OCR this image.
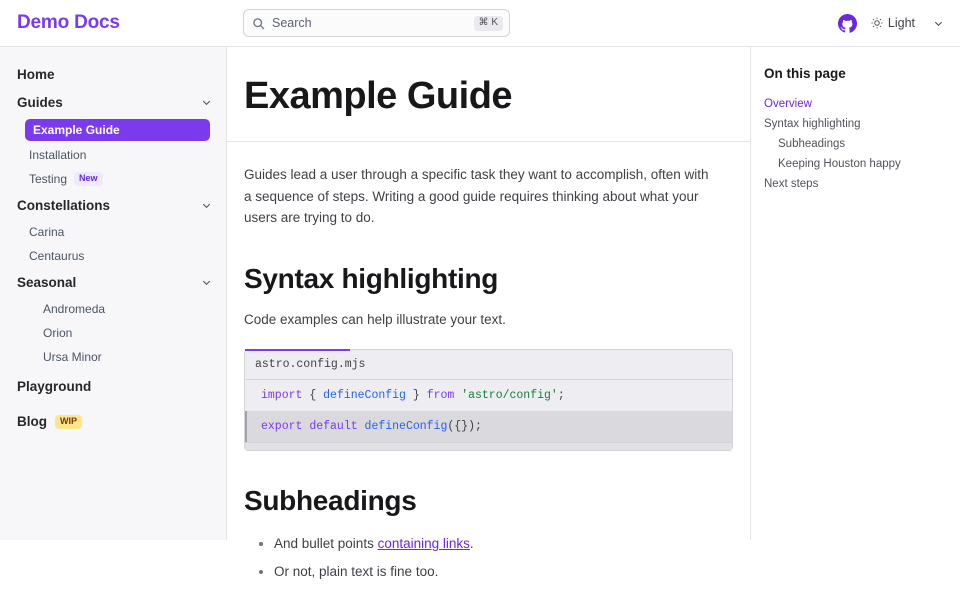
Demo Docs	Search	⌘ K	Light
Home
Guides
Example Guide
Installation
Testing	New
Constellations
Carina
Centaurus
Seasonal
Andromeda
Orion
Ursa Minor
Playground
Blog	WIP
Example Guide

Guides lead a user through a specific task they want to accomplish, often with a sequence of steps. Writing a good guide requires thinking about what your users are trying to do.

Syntax highlighting

Code examples can help illustrate your text.

astro.config.mjs
import { defineConfig } from 'astro/config';
export default defineConfig({});
Subheadings
• And bullet points containing links.
• Or not, plain text is fine too.
On this page
Overview
Syntax highlighting
Subheadings
Keeping Houston happy
Next steps
